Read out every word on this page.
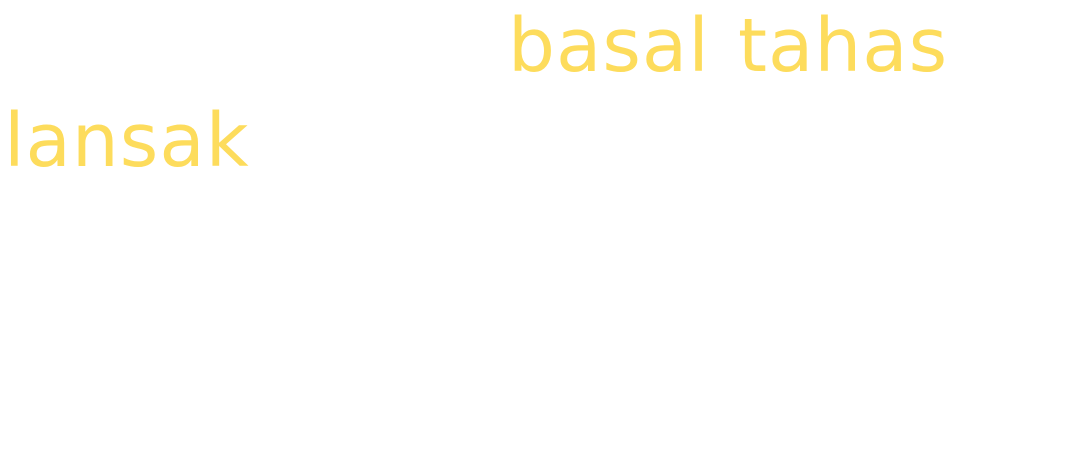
basal tahas
lansak
